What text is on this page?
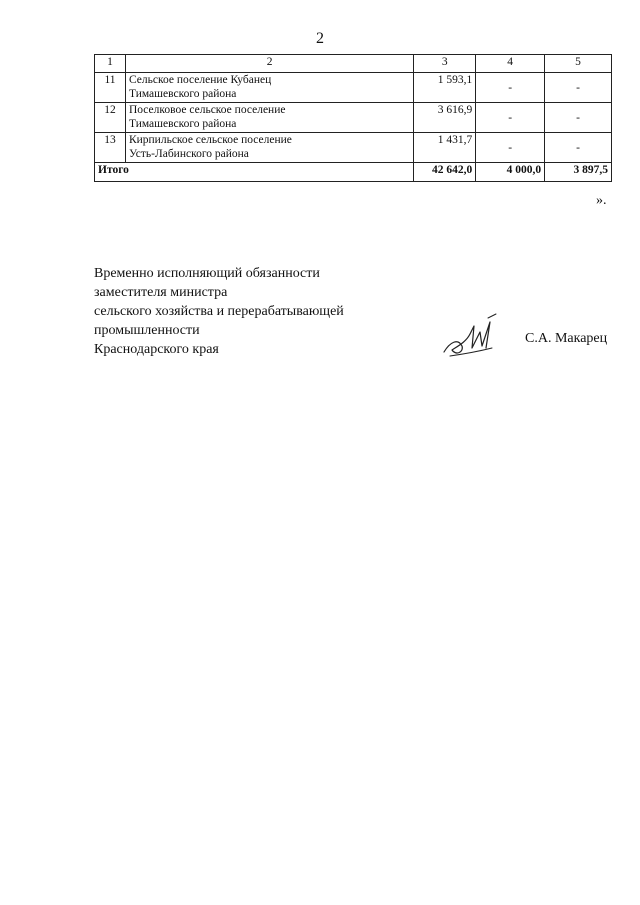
2
1	2	3	4	5
11	Сельское поселение Кубанец
Тимашевского района	1 593,1	-	-
12	Поселковое сельское поселение
Тимашевского района	3 616,9	-	-
13	Кирпильское сельское поселение
Усть-Лабинского района	1 431,7	-	-
Итого		42 642,0	4 000,0	3 897,5
».
Временно исполняющий обязанности
заместителя министра
сельского хозяйства и перерабатывающей
промышленности
Краснодарского края
С.А. Макарец
